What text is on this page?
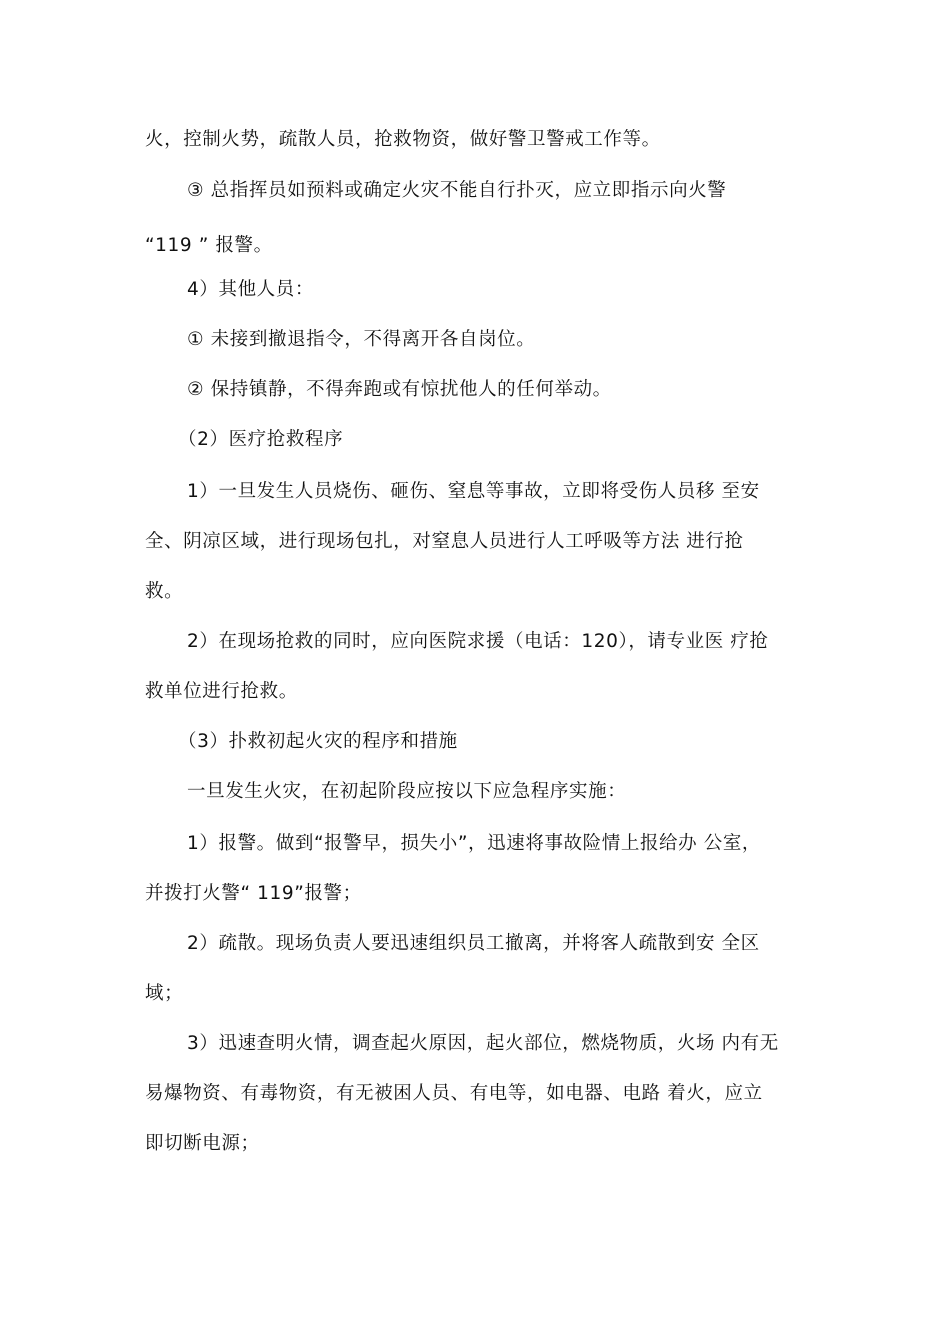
火，控制火势，疏散人员，抢救物资，做好警卫警戒工作等。
③ 总指挥员如预料或确定火灾不能自行扑灭，应立即指示向火警
“119 ” 报警。
4）其他人员：
① 未接到撤退指令，不得离开各自岗位。
② 保持镇静，不得奔跑或有惊扰他人的任何举动。
（2）医疗抢救程序
1）一旦发生人员烧伤、砸伤、窒息等事故，立即将受伤人员移 至安
全、阴凉区域，进行现场包扎，对窒息人员进行人工呼吸等方法 进行抢
救。
2）在现场抢救的同时，应向医院求援（电话：120），请专业医 疗抢
救单位进行抢救。
（3）扑救初起火灾的程序和措施
一旦发生火灾，在初起阶段应按以下应急程序实施：
1）报警。做到“报警早，损失小”，迅速将事故险情上报给办 公室，
并拨打火警“ 119”报警；
2）疏散。现场负责人要迅速组织员工撤离，并将客人疏散到安 全区
域；
3）迅速查明火情，调查起火原因，起火部位，燃烧物质，火场 内有无
易爆物资、有毒物资，有无被困人员、有电等，如电器、电路 着火，应立
即切断电源；
